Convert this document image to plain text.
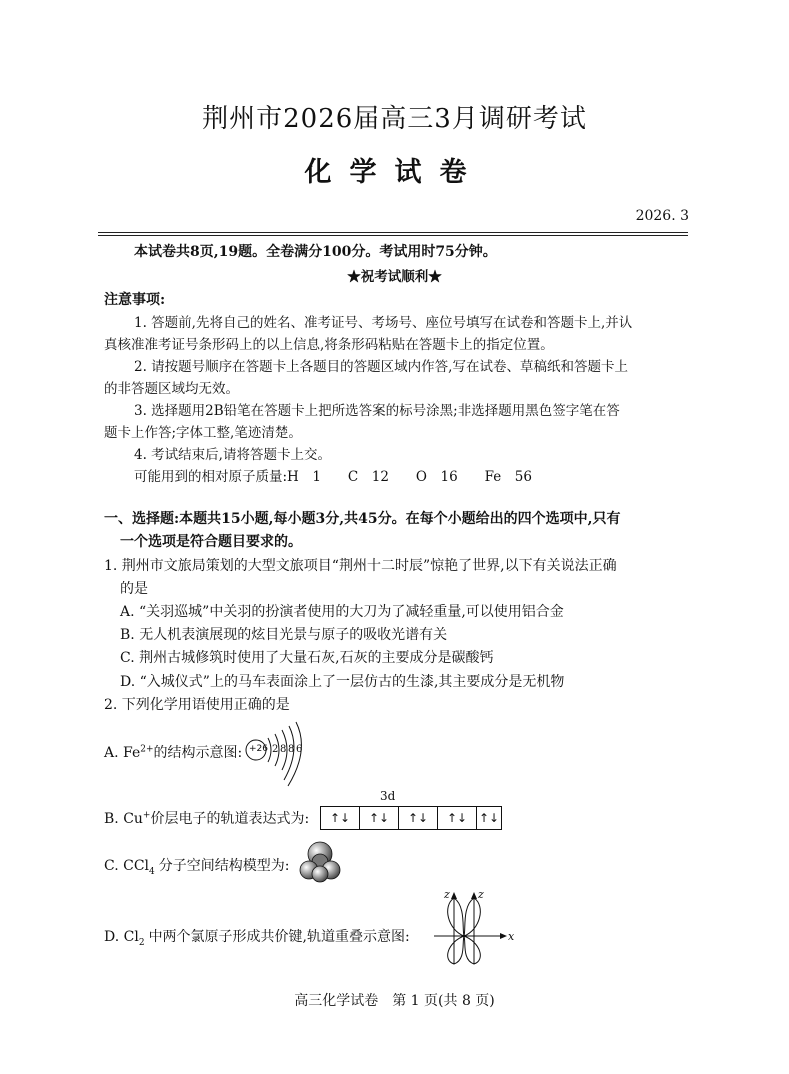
荆州市2026届高三3月调研考试
化学试卷
2026. 3
本试卷共8页,19题。全卷满分100分。考试用时75分钟。
★祝考试顺利★
注意事项:
1. 答题前,先将自己的姓名、准考证号、考场号、座位号填写在试卷和答题卡上,并认
真核准准考证号条形码上的以上信息,将条形码粘贴在答题卡上的指定位置。
2. 请按题号顺序在答题卡上各题目的答题区域内作答,写在试卷、草稿纸和答题卡上
的非答题区域均无效。
3. 选择题用2B铅笔在答题卡上把所选答案的标号涂黑;非选择题用黑色签字笔在答
题卡上作答;字体工整,笔迹清楚。
4. 考试结束后,请将答题卡上交。
可能用到的相对原子质量:H　1　　C　12　　O　16　　Fe　56
一、选择题:本题共15小题,每小题3分,共45分。在每个小题给出的四个选项中,只有
一个选项是符合题目要求的。
1. 荆州市文旅局策划的大型文旅项目“荆州十二时辰”惊艳了世界,以下有关说法正确
的是
A. “关羽巡城”中关羽的扮演者使用的大刀为了减轻重量,可以使用铝合金
B. 无人机表演展现的炫目光景与原子的吸收光谱有关
C. 荆州古城修筑时使用了大量石灰,石灰的主要成分是碳酸钙
D. “入城仪式”上的马车表面涂上了一层仿古的生漆,其主要成分是无机物
2. 下列化学用语使用正确的是
A. $Fe^{2+}$的结构示意图: +26 2 8 8 6
3d
B. Cu+价层电子的轨道表达式为:	↑↓	↑↓	↑↓	↑↓ ↑↓
C. CCl$_4$ 分子空间结构模型为:
D. $Cl_2$ 中两个氯原子形成共价键,轨道重叠示意图:
z	z
x
高三化学试卷　第 1 页(共 8 页)
